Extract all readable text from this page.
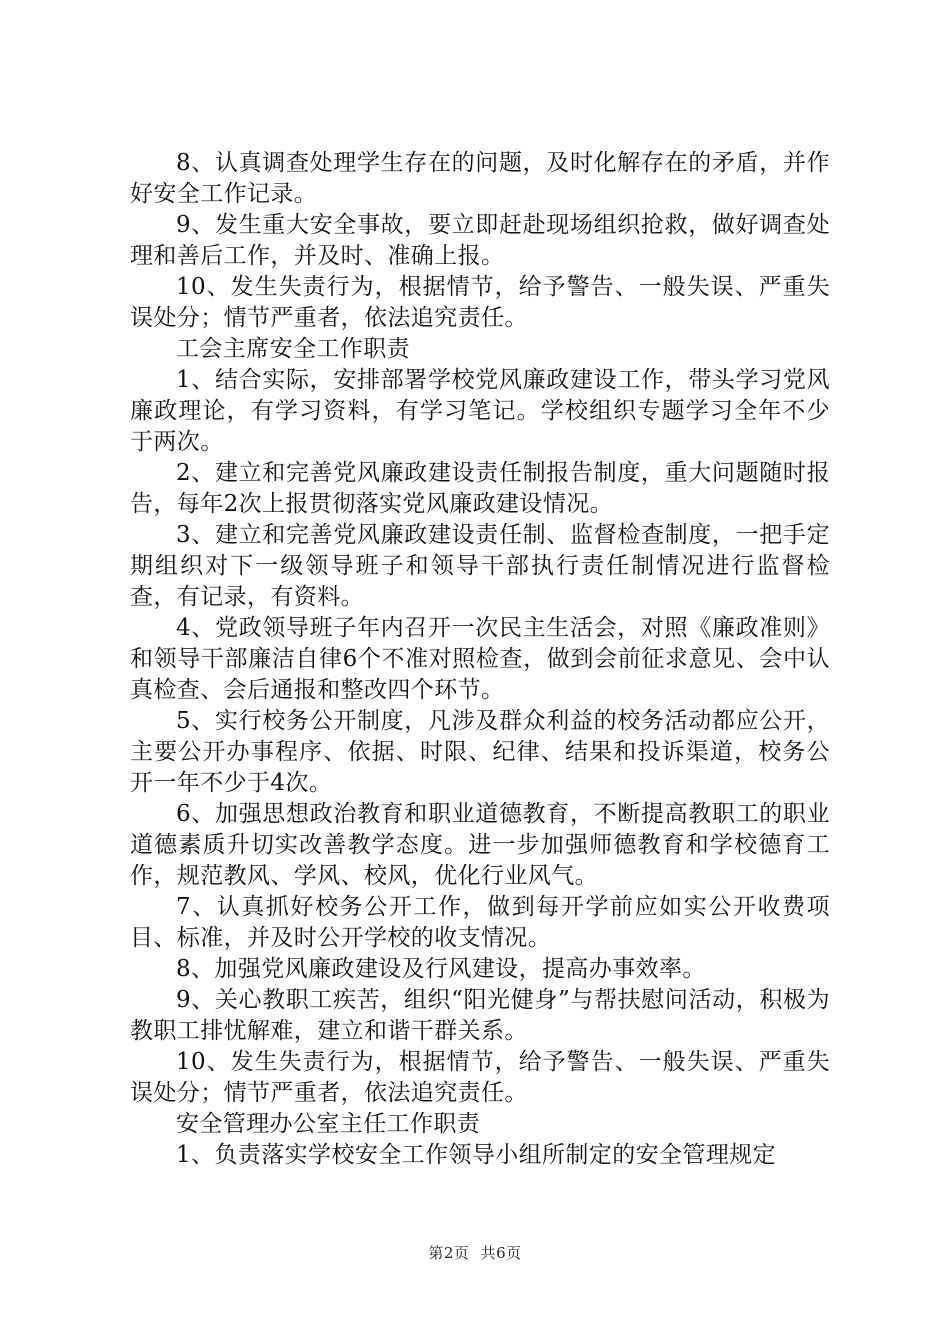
8、认真调查处理学生存在的问题，及时化解存在的矛盾，并作好安全工作记录。

9、发生重大安全事故，要立即赶赴现场组织抢救，做好调查处理和善后工作，并及时、准确上报。

10、发生失责行为，根据情节，给予警告、一般失误、严重失误处分；情节严重者，依法追究责任。

工会主席安全工作职责

1、结合实际，安排部署学校党风廉政建设工作，带头学习党风廉政理论，有学习资料，有学习笔记。学校组织专题学习全年不少于两次。

2、建立和完善党风廉政建设责任制报告制度，重大问题随时报告，每年2次上报贯彻落实党风廉政建设情况。

3、建立和完善党风廉政建设责任制、监督检查制度，一把手定期组织对下一级领导班子和领导干部执行责任制情况进行监督检查，有记录，有资料。

4、党政领导班子年内召开一次民主生活会，对照《廉政准则》和领导干部廉洁自律6个不准对照检查，做到会前征求意见、会中认真检查、会后通报和整改四个环节。

5、实行校务公开制度，凡涉及群众利益的校务活动都应公开，主要公开办事程序、依据、时限、纪律、结果和投诉渠道，校务公开一年不少于4次。

6、加强思想政治教育和职业道德教育，不断提高教职工的职业道德素质升切实改善教学态度。进一步加强师德教育和学校德育工作，规范教风、学风、校风，优化行业风气。

7、认真抓好校务公开工作，做到每开学前应如实公开收费项目、标准，并及时公开学校的收支情况。

8、加强党风廉政建设及行风建设，提高办事效率。

9、关心教职工疾苦，组织“阳光健身”与帮扶慰问活动，积极为教职工排忧解难，建立和谐干群关系。

10、发生失责行为，根据情节，给予警告、一般失误、严重失误处分；情节严重者，依法追究责任。

安全管理办公室主任工作职责

1、负责落实学校安全工作领导小组所制定的安全管理规定

第2页 共6页
